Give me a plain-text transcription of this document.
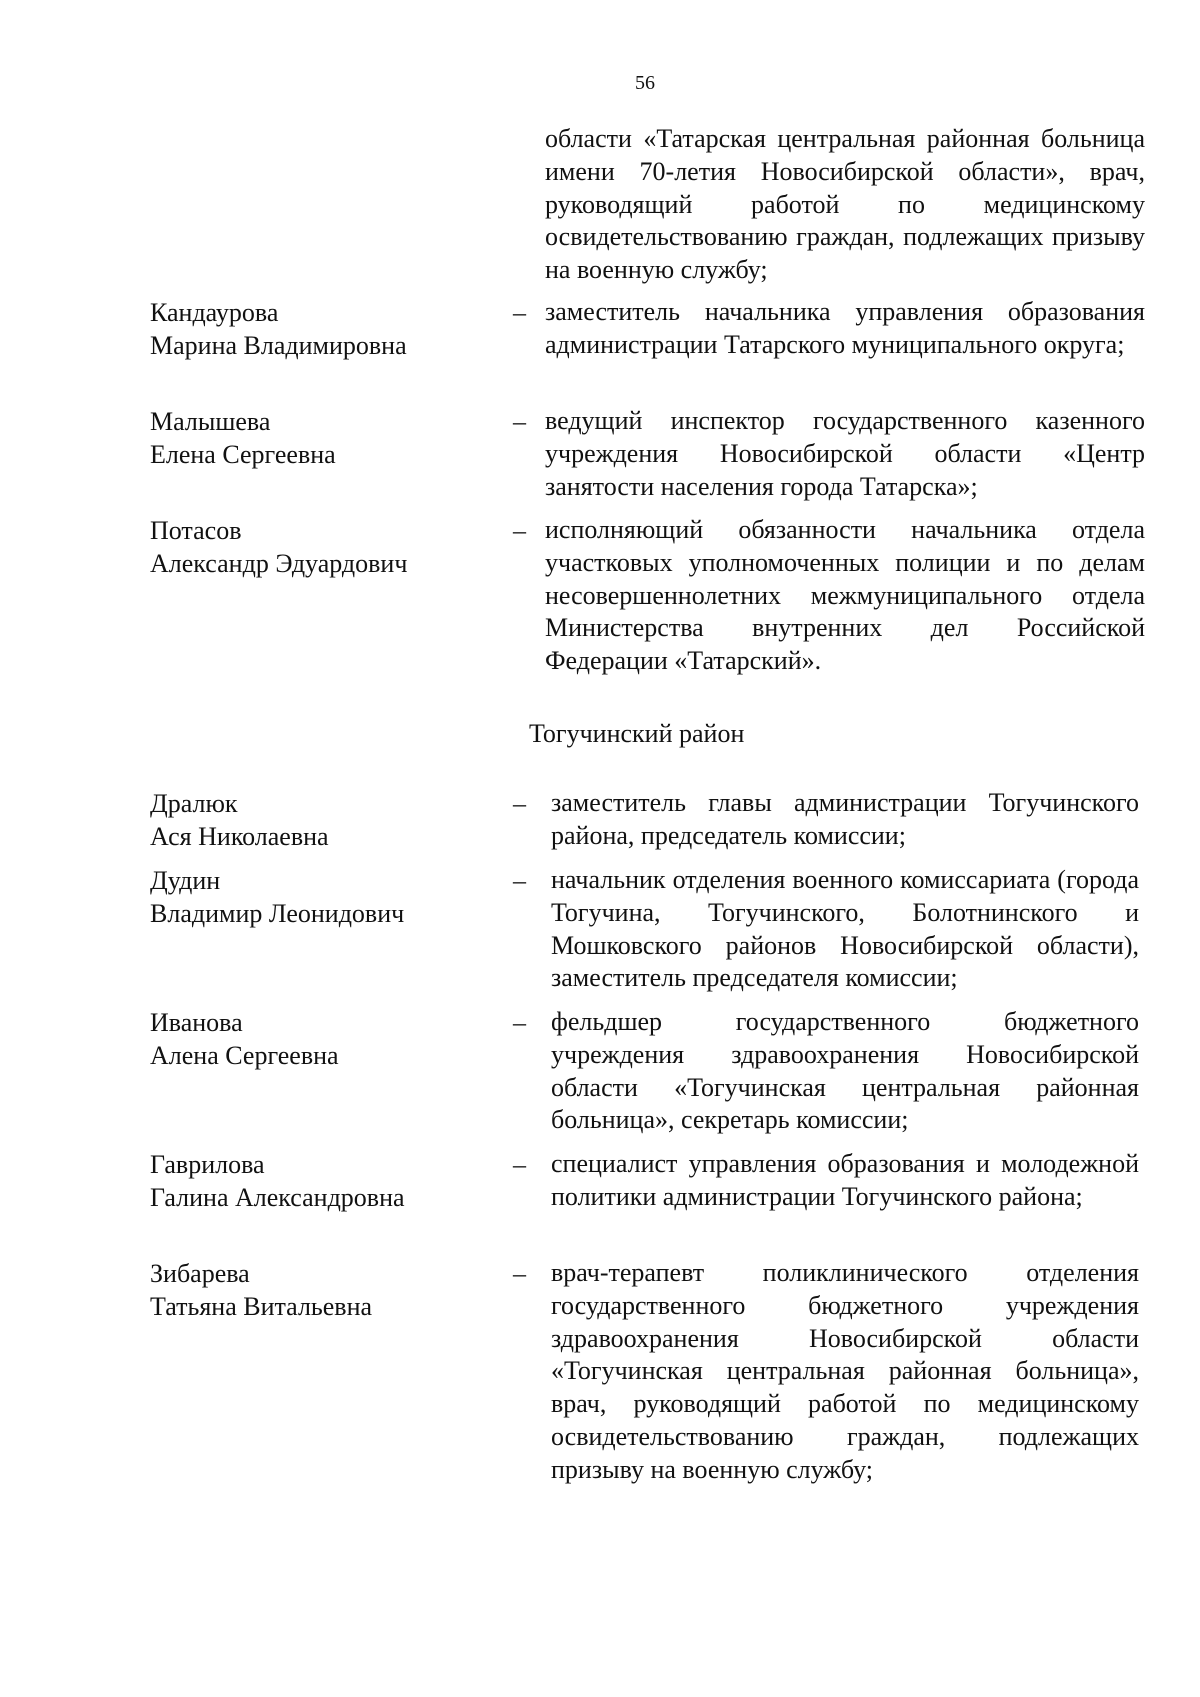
56
области «Татарская центральная районная больница имени 70-летия Новосибирской области», врач, руководящий работой по медицинскому освидетельствованию граждан, подлежащих призыву на военную службу;
Кандаурова
Марина Владимировна
– заместитель начальника управления образования администрации Татарского муниципального округа;
Малышева
Елена Сергеевна
– ведущий инспектор государственного казенного учреждения Новосибирской области «Центр занятости населения города Татарска»;
Потасов
Александр Эдуардович
– исполняющий обязанности начальника отдела участковых уполномоченных полиции и по делам несовершеннолетних межмуниципального отдела Министерства внутренних дел Российской Федерации «Татарский».
Тогучинский район
Дралюк
Ася Николаевна
– заместитель главы администрации Тогучинского района, председатель комиссии;
Дудин
Владимир Леонидович
– начальник отделения военного комиссариата (города Тогучина, Тогучинского, Болотнинского и Мошковского районов Новосибирской области), заместитель председателя комиссии;
Иванова
Алена Сергеевна
– фельдшер государственного бюджетного учреждения здравоохранения Новосибирской области «Тогучинская центральная районная больница», секретарь комиссии;
Гаврилова
Галина Александровна
– специалист управления образования и молодежной политики администрации Тогучинского района;
Зибарева
Татьяна Витальевна
– врач-терапевт поликлинического отделения государственного бюджетного учреждения здравоохранения Новосибирской области «Тогучинская центральная районная больница», врач, руководящий работой по медицинскому освидетельствованию граждан, подлежащих призыву на военную службу;
